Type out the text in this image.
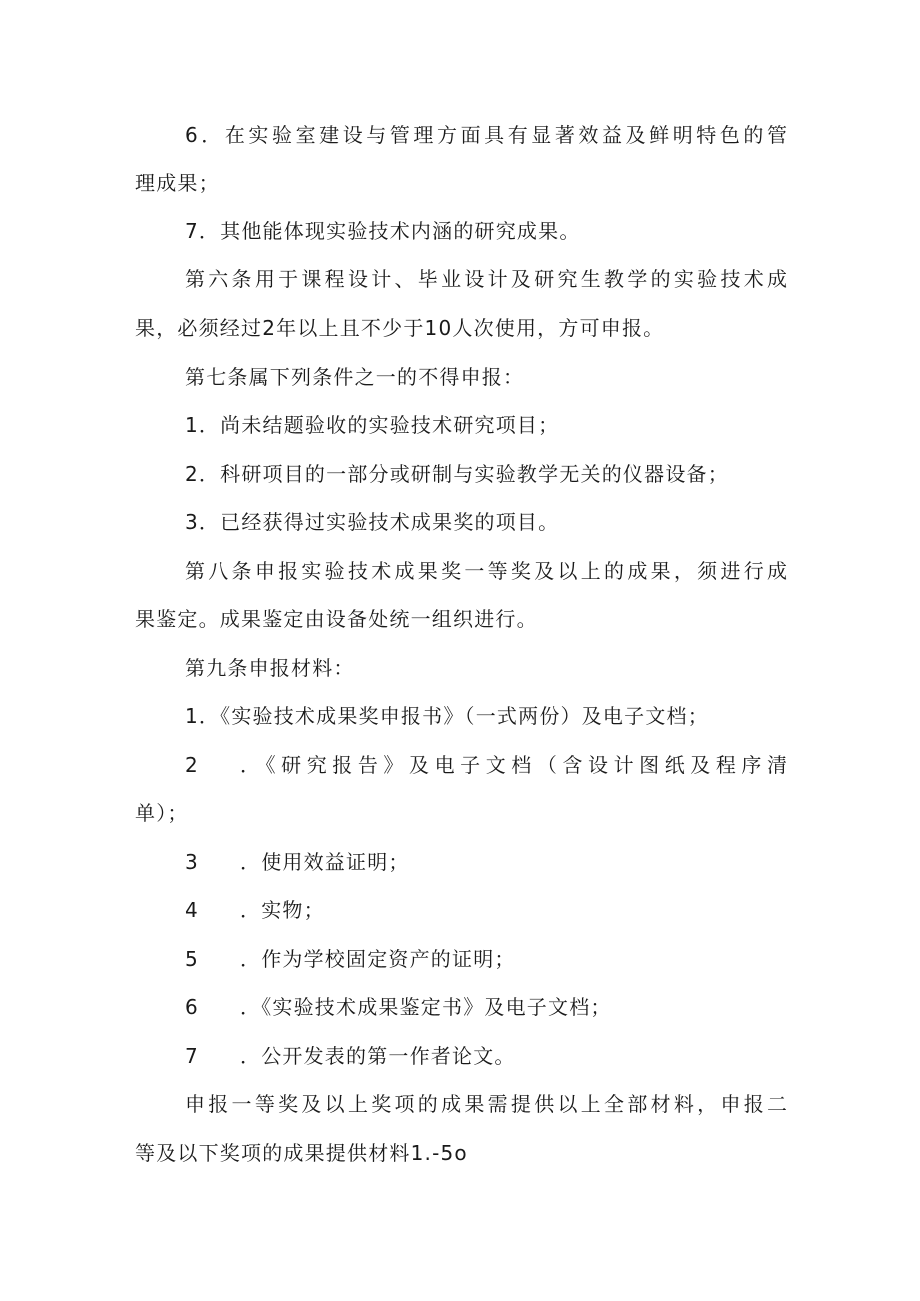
6．在实验室建设与管理方面具有显著效益及鲜明特色的管
理成果；
7．其他能体现实验技术内涵的研究成果。
第六条用于课程设计、毕业设计及研究生教学的实验技术成
果，必须经过2年以上且不少于10人次使用，方可申报。
第七条属下列条件之一的不得申报：
1．尚未结题验收的实验技术研究项目；
2．科研项目的一部分或研制与实验教学无关的仪器设备；
3．已经获得过实验技术成果奖的项目。
第八条申报实验技术成果奖一等奖及以上的成果，须进行成
果鉴定。成果鉴定由设备处统一组织进行。
第九条申报材料：
1．《实验技术成果奖申报书》（一式两份）及电子文档；
2 ．《研究报告》及电子文档（含设计图纸及程序清
单）；
3 ．使用效益证明；
4 ．实物；
5 ．作为学校固定资产的证明；
6 ．《实验技术成果鉴定书》及电子文档；
7 ．公开发表的第一作者论文。
申报一等奖及以上奖项的成果需提供以上全部材料，申报二
等及以下奖项的成果提供材料1.-5o
